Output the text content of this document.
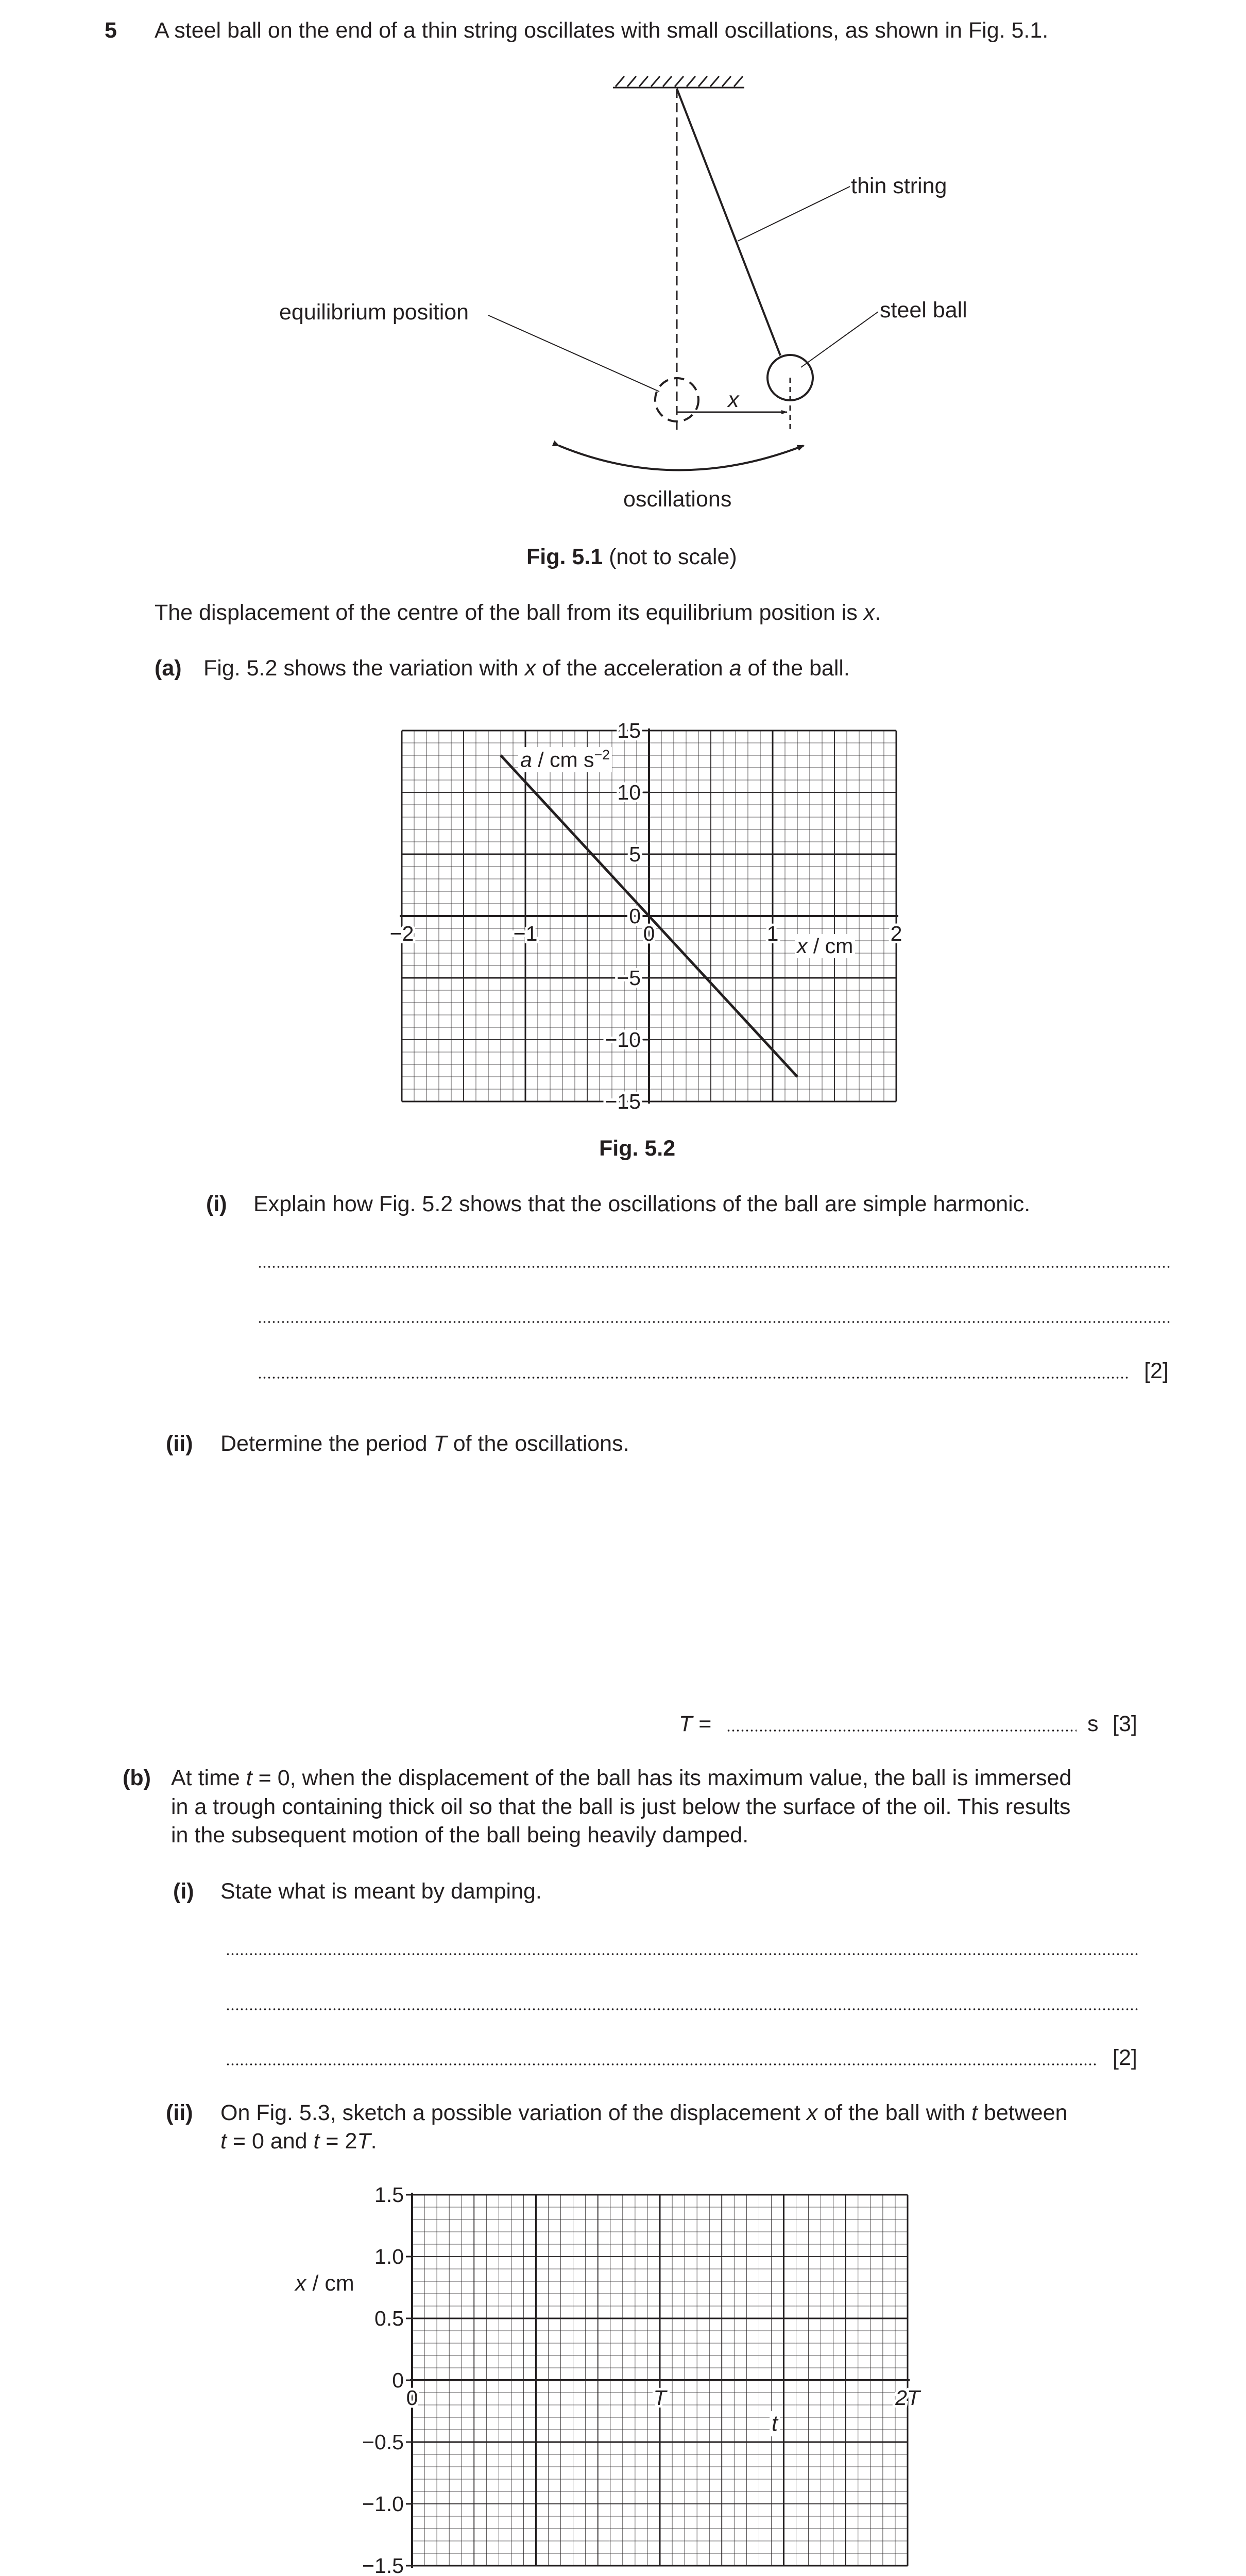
5 A steel ball on the end of a thin string oscillates with small oscillations, as shown in Fig. 5.1.
thin string
equilibrium position	steel ball
x
oscillations
Fig. 5.1 (not to scale)
The displacement of the centre of the ball from its equilibrium position is x.
(a) Fig. 5.2 shows the variation with x of the acceleration a of the ball.
−2	−1	0	1	2
15
10
5
0
−5
−10
−15
a / cm $s^{-2}$
x / cm
Fig. 5.2
(i) Explain how Fig. 5.2 shows that the oscillations of the ball are simple harmonic.
[2]
(ii) Determine the period T of the oscillations.
T =	s [3]
(b) At time t = 0, when the displacement of the ball has its maximum value, the ball is immersed
in a trough containing thick oil so that the ball is just below the surface of the oil. This results
in the subsequent motion of the ball being heavily damped.
(i) State what is meant by damping.
[2]
(ii) On Fig. 5.3, sketch a possible variation of the displacement x of the ball with t between
t = 0 and t = 2T.
0	T	2T
1.5
1.0
0.5
0
−0.5
−1.0
−1.5
x / cm
t
